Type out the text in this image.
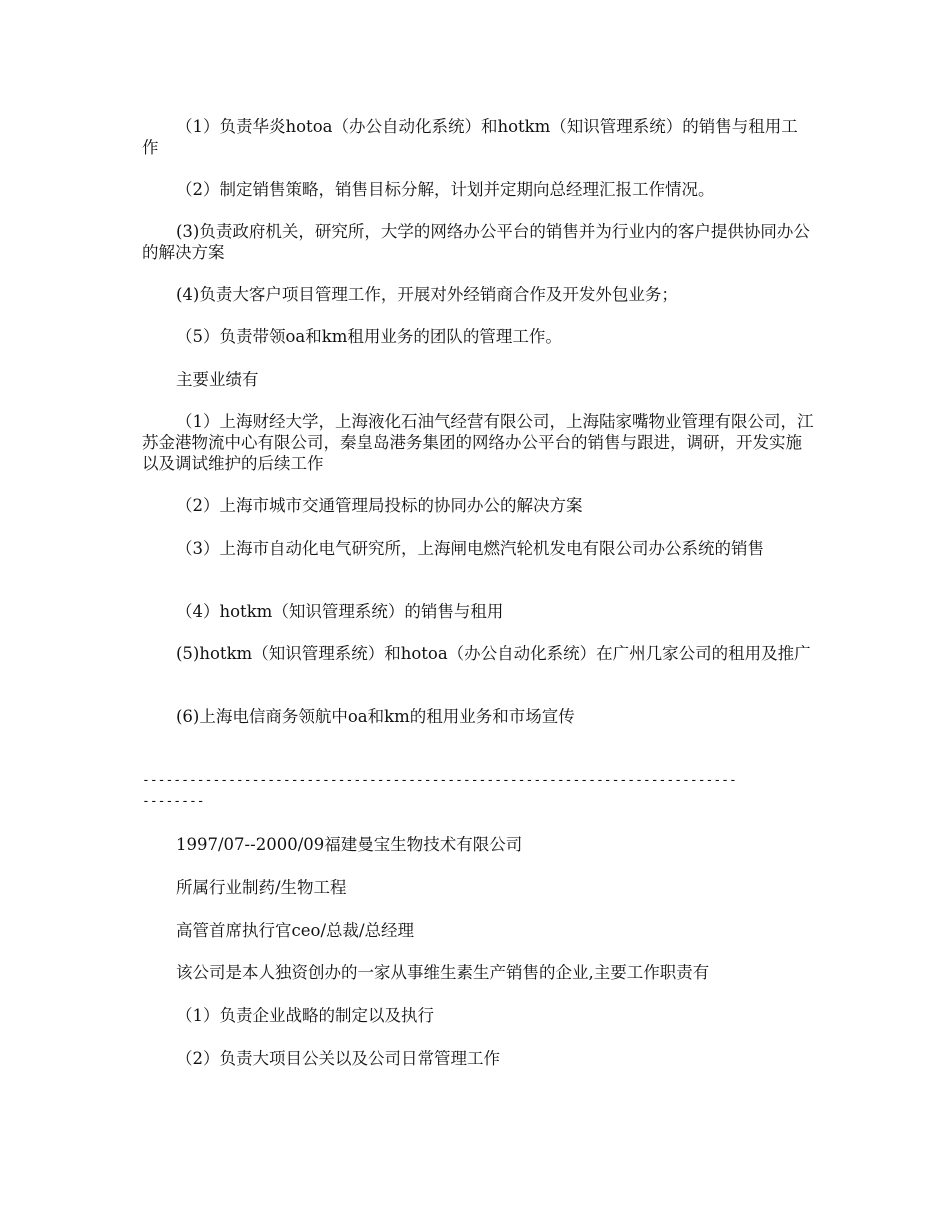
（1）负责华炎hotoa（办公自动化系统）和hotkm（知识管理系统）的销售与租用工作

（2）制定销售策略，销售目标分解，计划并定期向总经理汇报工作情况。

(3)负责政府机关，研究所，大学的网络办公平台的销售并为行业内的客户提供协同办公的解决方案

(4)负责大客户项目管理工作，开展对外经销商合作及开发外包业务；

（5）负责带领oa和km租用业务的团队的管理工作。

主要业绩有

（1）上海财经大学，上海液化石油气经营有限公司，上海陆家嘴物业管理有限公司，江苏金港物流中心有限公司，秦皇岛港务集团的网络办公平台的销售与跟进，调研，开发实施以及调试维护的后续工作

（2）上海市城市交通管理局投标的协同办公的解决方案

（3）上海市自动化电气研究所，上海闸电燃汽轮机发电有限公司办公系统的销售

（4）hotkm（知识管理系统）的销售与租用

(5)hotkm（知识管理系统）和hotoa（办公自动化系统）在广州几家公司的租用及推广

(6)上海电信商务领航中oa和km的租用业务和市场宣传

----------------------------------------------------------------------------

--------

1997/07--2000/09福建曼宝生物技术有限公司

所属行业制药/生物工程

高管首席执行官ceo/总裁/总经理

该公司是本人独资创办的一家从事维生素生产销售的企业,主要工作职责有

（1）负责企业战略的制定以及执行

（2）负责大项目公关以及公司日常管理工作
